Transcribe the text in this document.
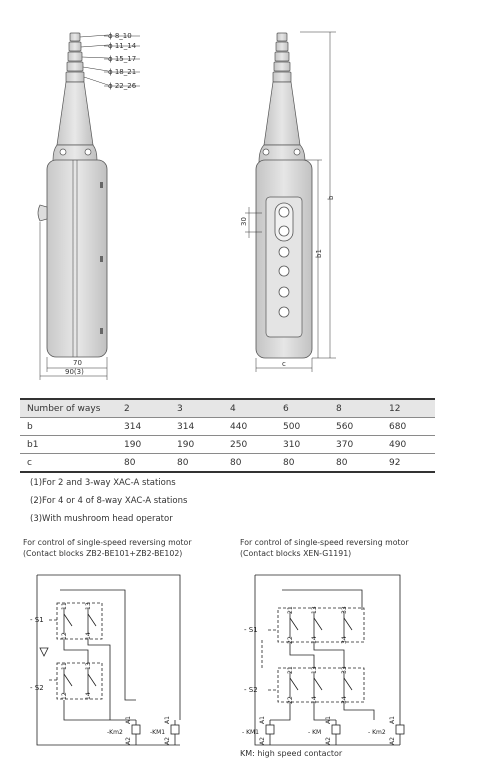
ϕ 8_10
ϕ 11_14
ϕ 15_17
ϕ 18_21
ϕ 22_26
70
90(3)
30
b
b1
c
Number of ways	2	3	4	6	8	12
b	314	314	440	500	560	680
b1	190	190	250	310	370	490
c	80	80	80	80	80	92
(1)For 2 and 3-way XAC-A stations
(2)For 4 or 4 of 8-way XAC-A stations
(3)With mushroom head operator
For control of single-speed reversing motor
(Contact blocks ZB2-BE101+ZB2-BE102)
For control of single-speed reversing motor
(Contact blocks XEN-G1191)
- S1
- S2
11
12
13
14
11
12
13
14
-Km2	-KM1
A1
A2
A1
A2
- S1
- S2
21
22
13
14
33
34
21
22
13
14
33
34
- KM1	- KM	- Km2
A1
A2
A1
A2
A1
A2
KM: high speed contactor
